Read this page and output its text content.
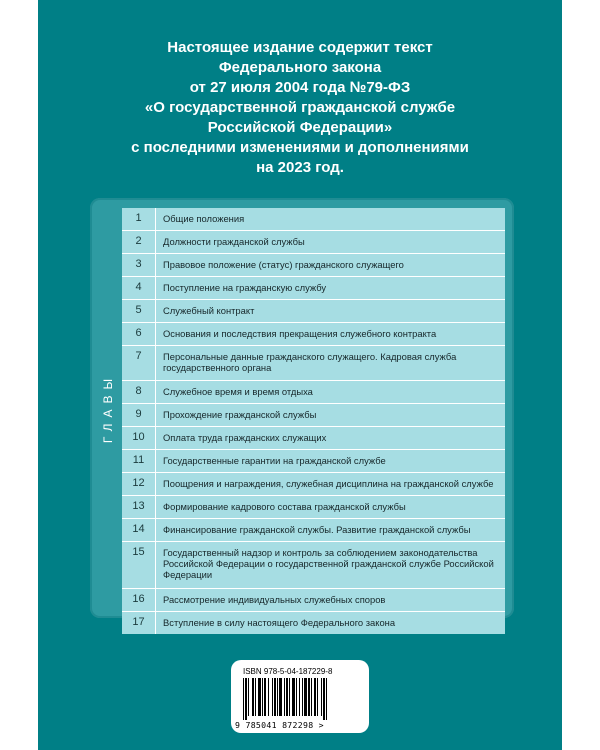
Настоящее издание содержит текст
Федерального закона
от 27 июля 2004 года №79-ФЗ
«О государственной гражданской службе
Российской Федерации»
с последними изменениями и дополнениями
на 2023 год.
ГЛАВЫ
1	Общие положения
2	Должности гражданской службы
3	Правовое положение (статус) гражданского служащего
4	Поступление на гражданскую службу
5	Служебный контракт
6	Основания и последствия прекращения служебного контракта
7	Персональные данные гражданского служащего. Кадровая служба государственного органа
8	Служебное время и время отдыха
9	Прохождение гражданской службы
10	Оплата труда гражданских служащих
11	Государственные гарантии на гражданской службе
12	Поощрения и награждения, служебная дисциплина на гражданской службе
13	Формирование кадрового состава гражданской службы
14	Финансирование гражданской службы. Развитие гражданской службы
15	Государственный надзор и контроль за соблюдением законодательства Российской Федерации о государственной гражданской службе Российской Федерации
16	Рассмотрение индивидуальных служебных споров
17	Вступление в силу настоящего Федерального закона
ISBN 978-5-04-187229-8
9 785041 872298 >
